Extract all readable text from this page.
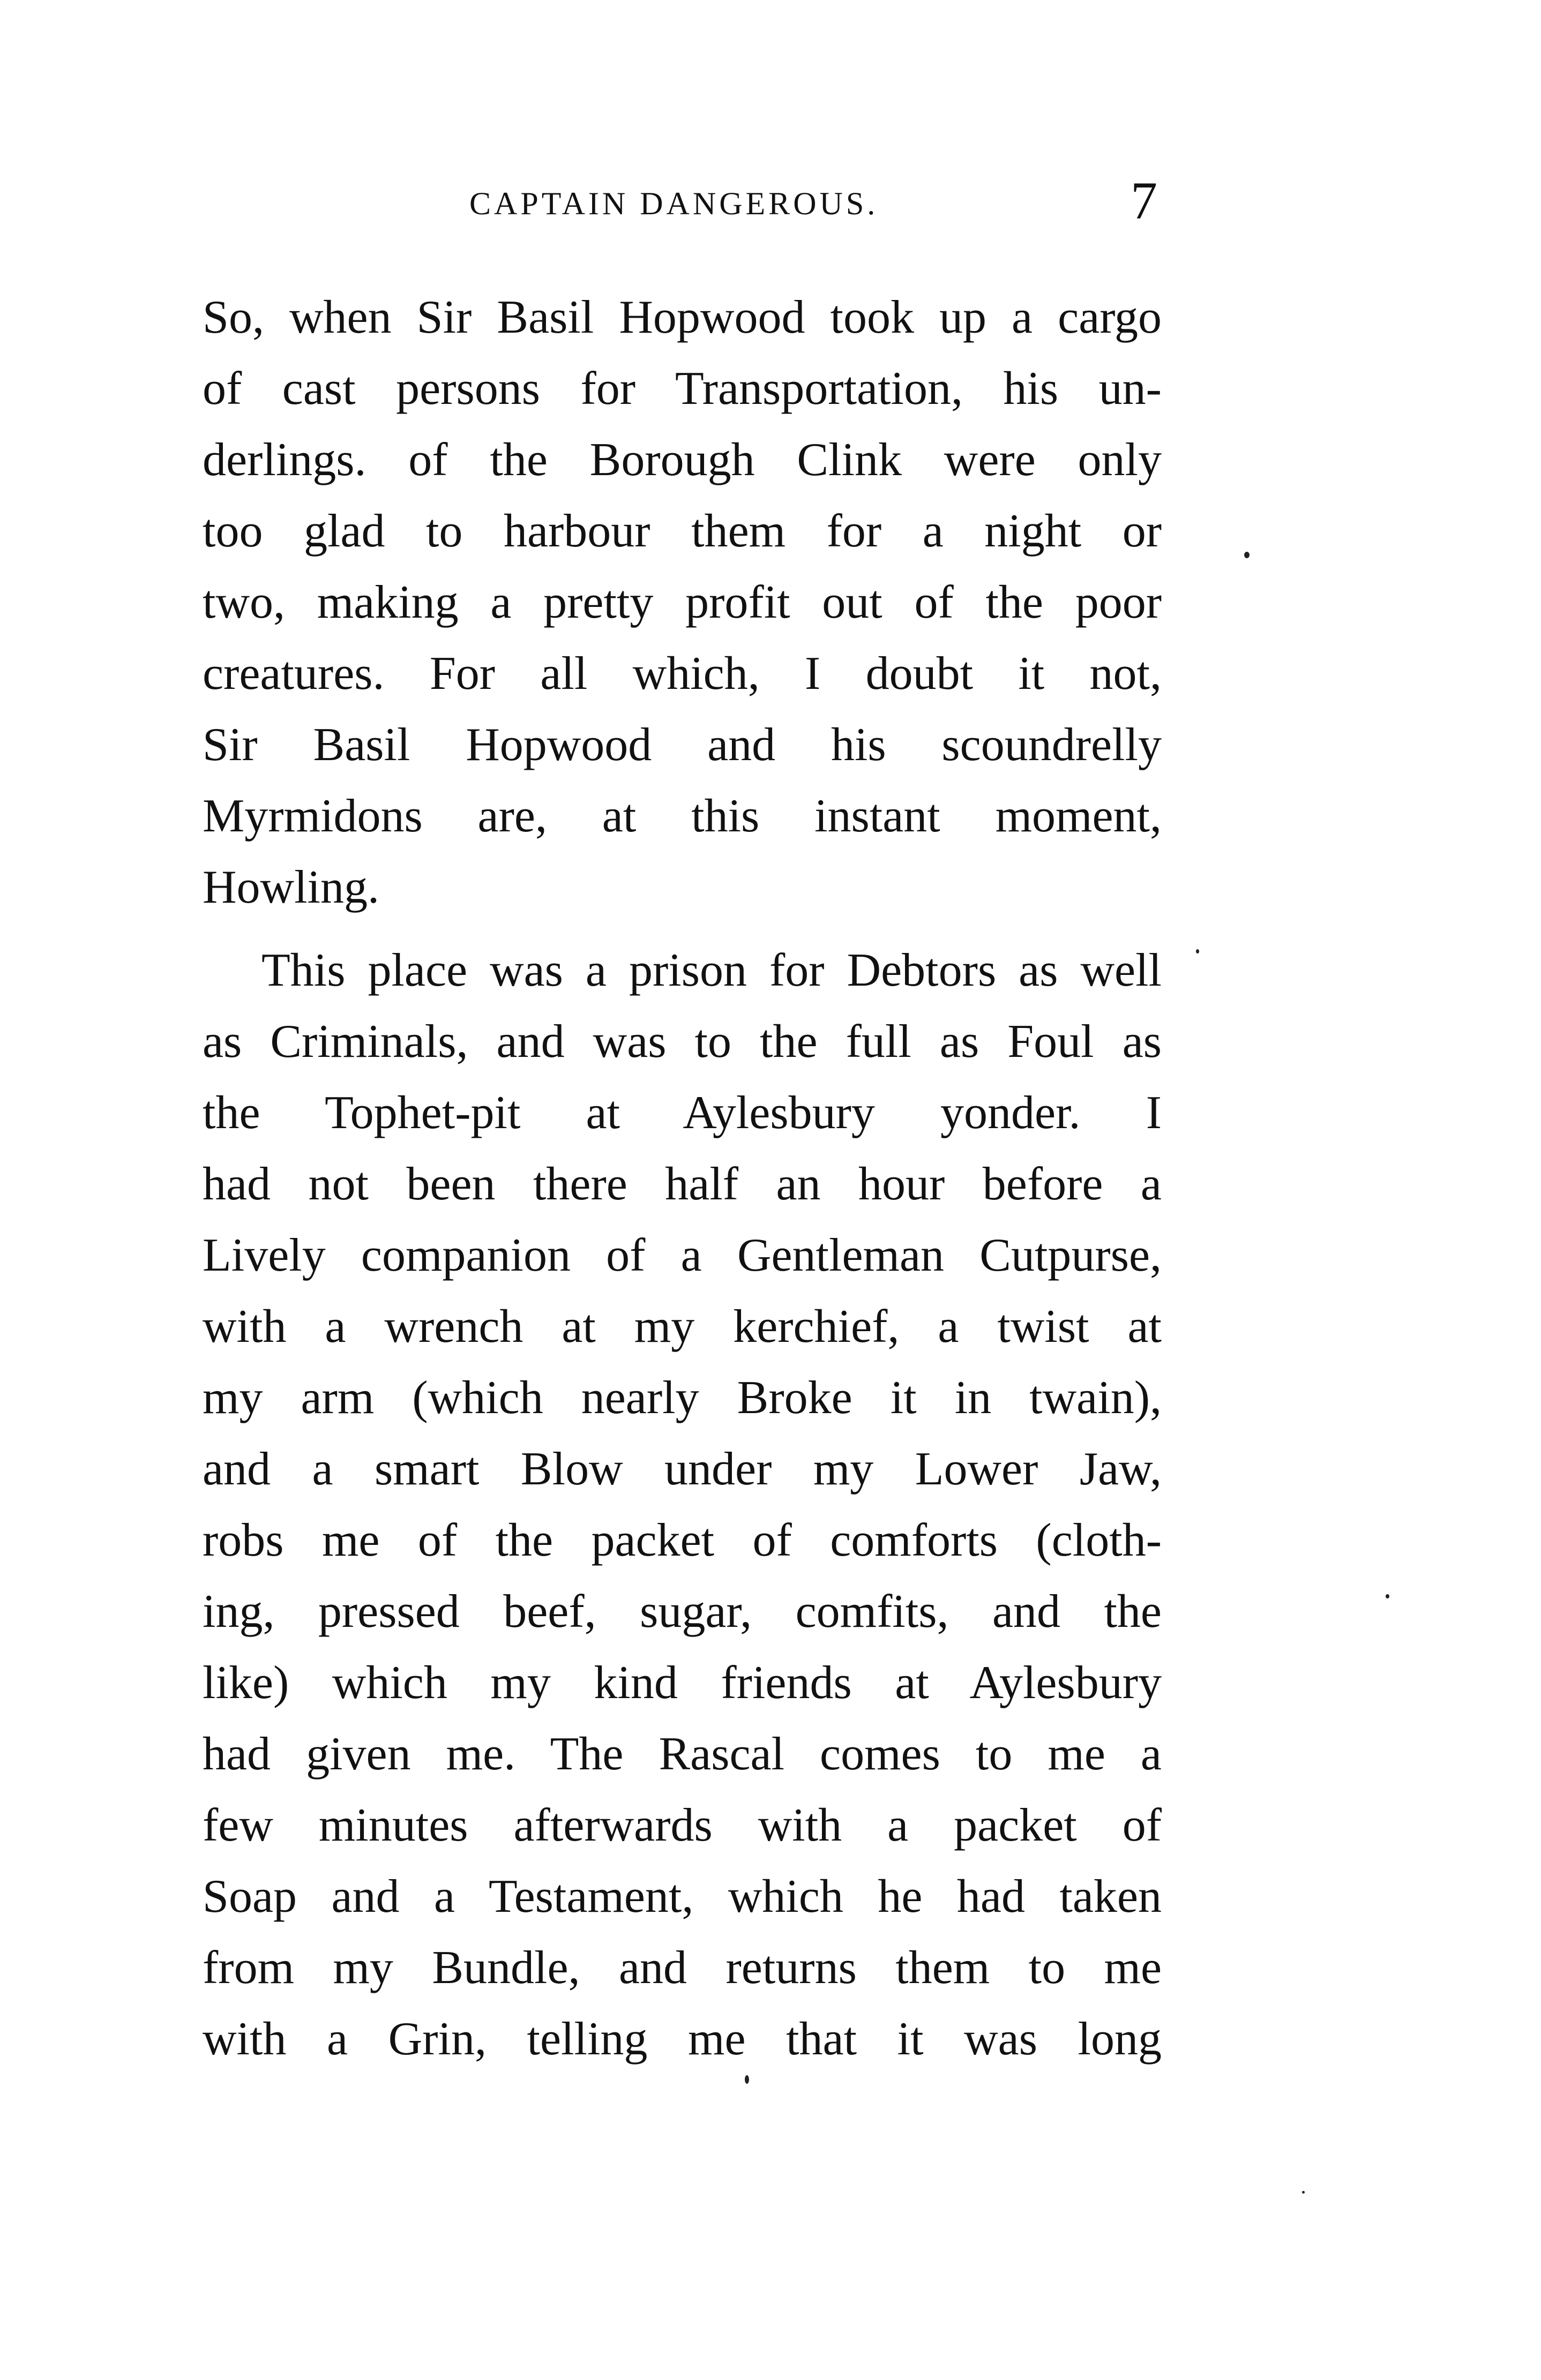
CAPTAIN DANGEROUS.	7
So, when Sir Basil Hopwood took up a cargo
of cast persons for Transportation, his un-
derlings. of the Borough Clink were only
too glad to harbour them for a night or
two, making a pretty profit out of the poor
creatures. For all which, I doubt it not,
Sir Basil Hopwood and his scoundrelly
Myrmidons are, at this instant moment,
Howling.
This place was a prison for Debtors as well
as Criminals, and was to the full as Foul as
the Tophet-pit at Aylesbury yonder. I
had not been there half an hour before a
Lively companion of a Gentleman Cutpurse,
with a wrench at my kerchief, a twist at
my arm (which nearly Broke it in twain),
and a smart Blow under my Lower Jaw,
robs me of the packet of comforts (cloth-
ing, pressed beef, sugar, comfits, and the
like) which my kind friends at Aylesbury
had given me. The Rascal comes to me a
few minutes afterwards with a packet of
Soap and a Testament, which he had taken
from my Bundle, and returns them to me
with a Grin, telling me that it was long
